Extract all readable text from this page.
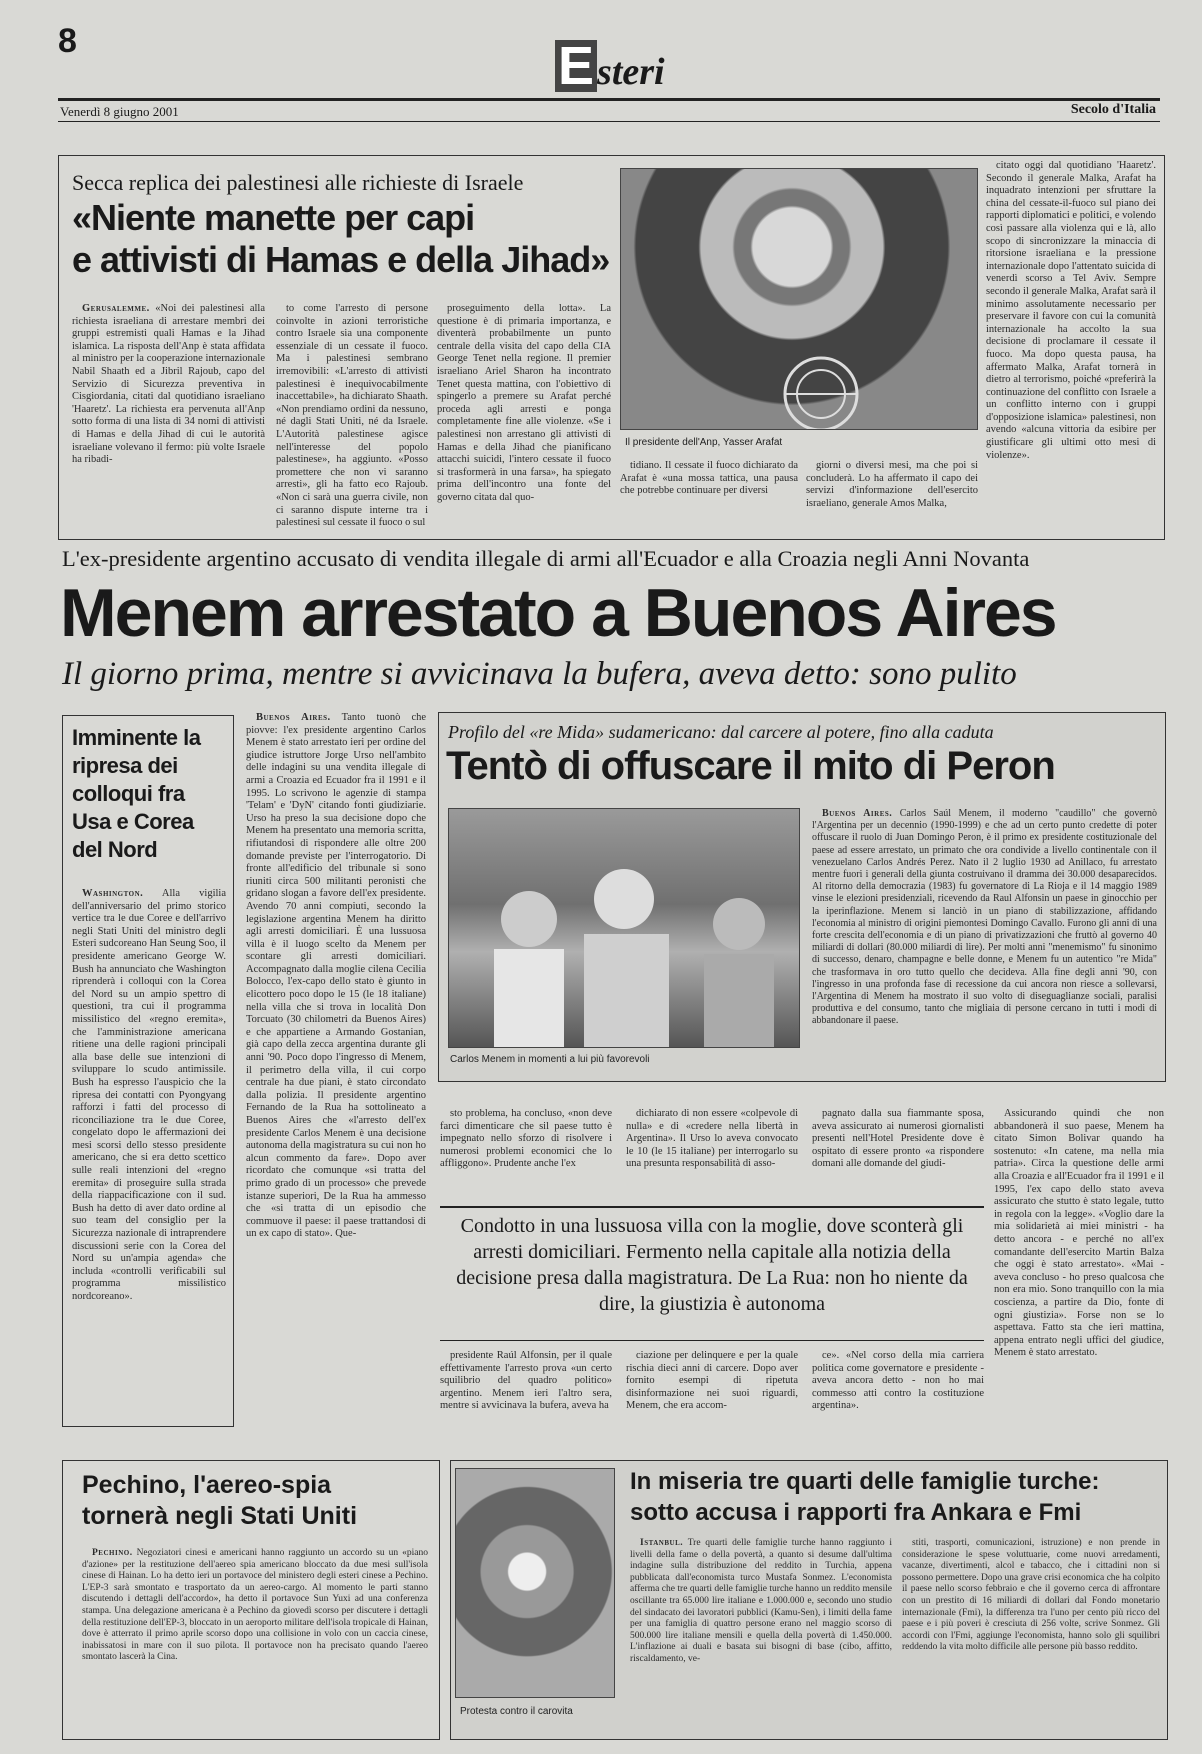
8	Esteri
Venerdì 8 giugno 2001	Secolo d'Italia
Secca replica dei palestinesi alle richieste di Israele
«Niente manette per capi
e attivisti di Hamas e della Jihad»

Gerusalemme. «Noi dei palestinesi alla richiesta israeliana di arrestare membri dei gruppi estremisti quali Hamas e la Jihad islamica. La risposta dell'Anp è stata affidata al ministro per la cooperazione internazionale Nabil Shaath ed a Jibril Rajoub, capo del Servizio di Sicurezza preventiva in Cisgiordania, citati dal quotidiano israeliano 'Haaretz'. La richiesta era pervenuta all'Anp sotto forma di una lista di 34 nomi di attivisti di Hamas e della Jihad di cui le autorità israeliane volevano il fermo: più volte Israele ha ribadi-

to come l'arresto di persone coinvolte in azioni terroristiche contro Israele sia una componente essenziale di un cessate il fuoco. Ma i palestinesi sembrano irremovibili: «L'arresto di attivisti palestinesi è inequivocabilmente inaccettabile», ha dichiarato Shaath. «Non prendiamo ordini da nessuno, né dagli Stati Uniti, né da Israele. L'Autorità palestinese agisce nell'interesse del popolo palestinese», ha aggiunto. «Posso promettere che non vi saranno arresti», gli ha fatto eco Rajoub. «Non ci sarà una guerra civile, non ci saranno dispute interne tra i palestinesi sul cessate il fuoco o sul

proseguimento della lotta». La questione è di primaria importanza, e diventerà probabilmente un punto centrale della visita del capo della CIA George Tenet nella regione. Il premier israeliano Ariel Sharon ha incontrato Tenet questa mattina, con l'obiettivo di spingerlo a premere su Arafat perché proceda agli arresti e ponga completamente fine alle violenze. «Se i palestinesi non arrestano gli attivisti di Hamas e della Jihad che pianificano attacchi suicidi, l'intero cessate il fuoco si trasformerà in una farsa», ha spiegato prima dell'incontro una fonte del governo citata dal quo-

Il presidente dell'Anp, Yasser Arafat

tidiano. Il cessate il fuoco dichiarato da Arafat è «una mossa tattica, una pausa che potrebbe continuare per diversi

giorni o diversi mesi, ma che poi si concluderà. Lo ha affermato il capo dei servizi d'informazione dell'esercito israeliano, generale Amos Malka,

citato oggi dal quotidiano 'Haaretz'. Secondo il generale Malka, Arafat ha inquadrato intenzioni per sfruttare la china del cessate-il-fuoco sul piano dei rapporti diplomatici e politici, e volendo così passare alla violenza qui e là, allo scopo di sincronizzare la minaccia di ritorsione israeliana e la pressione internazionale dopo l'attentato suicida di venerdì scorso a Tel Aviv. Sempre secondo il generale Malka, Arafat sarà il minimo assolutamente necessario per preservare il favore con cui la comunità internazionale ha accolto la sua decisione di proclamare il cessate il fuoco. Ma dopo questa pausa, ha affermato Malka, Arafat tornerà in dietro al terrorismo, poiché «preferirà la continuazione del conflitto con Israele a un conflitto interno con i gruppi d'opposizione islamica» palestinesi, non avendo «alcuna vittoria da esibire per giustificare gli ultimi otto mesi di violenze».

L'ex-presidente argentino accusato di vendita illegale di armi all'Ecuador e alla Croazia negli Anni Novanta
Menem arrestato a Buenos Aires
Il giorno prima, mentre si avvicinava la bufera, aveva detto: sono pulito
Imminente la ripresa dei colloqui fra Usa e Corea del Nord

Washington. Alla vigilia dell'anniversario del primo storico vertice tra le due Coree e dell'arrivo negli Stati Uniti del ministro degli Esteri sudcoreano Han Seung Soo, il presidente americano George W. Bush ha annunciato che Washington riprenderà i colloqui con la Corea del Nord su un ampio spettro di questioni, tra cui il programma missilistico del «regno eremita», che l'amministrazione americana ritiene una delle ragioni principali alla base delle sue intenzioni di sviluppare lo scudo antimissile. Bush ha espresso l'auspicio che la ripresa dei contatti con Pyongyang rafforzi i fatti del processo di riconciliazione tra le due Coree, congelato dopo le affermazioni dei mesi scorsi dello stesso presidente americano, che si era detto scettico sulle reali intenzioni del «regno eremita» di proseguire sulla strada della riappacificazione con il sud. Bush ha detto di aver dato ordine al suo team del consiglio per la Sicurezza nazionale di intraprendere discussioni serie con la Corea del Nord su un'ampia agenda» che includa «controlli verificabili sul programma missilistico nordcoreano».

Buenos Aires. Tanto tuonò che piovve: l'ex presidente argentino Carlos Menem è stato arrestato ieri per ordine del giudice istruttore Jorge Urso nell'ambito delle indagini su una vendita illegale di armi a Croazia ed Ecuador fra il 1991 e il 1995. Lo scrivono le agenzie di stampa 'Telam' e 'DyN' citando fonti giudiziarie. Urso ha preso la sua decisione dopo che Menem ha presentato una memoria scritta, rifiutandosi di rispondere alle oltre 200 domande previste per l'interrogatorio. Di fronte all'edificio del tribunale si sono riuniti circa 500 militanti peronisti che gridano slogan a favore dell'ex presidente. Avendo 70 anni compiuti, secondo la legislazione argentina Menem ha diritto agli arresti domiciliari. È una lussuosa villa è il luogo scelto da Menem per scontare gli arresti domiciliari. Accompagnato dalla moglie cilena Cecilia Bolocco, l'ex-capo dello stato è giunto in elicottero poco dopo le 15 (le 18 italiane) nella villa che si trova in località Don Torcuato (30 chilometri da Buenos Aires) e che appartiene a Armando Gostanian, già capo della zecca argentina durante gli anni '90. Poco dopo l'ingresso di Menem, il perimetro della villa, il cui corpo centrale ha due piani, è stato circondato dalla polizia. Il presidente argentino Fernando de la Rua ha sottolineato a Buenos Aires che «l'arresto dell'ex presidente Carlos Menem è una decisione autonoma della magistratura su cui non ho alcun commento da fare». Dopo aver ricordato che comunque «si tratta del primo grado di un processo» che prevede istanze superiori, De la Rua ha ammesso che «si tratta di un episodio che commuove il paese: il paese trattandosi di un ex capo di stato». Que-

Profilo del «re Mida» sudamericano: dal carcere al potere, fino alla caduta
Tentò di offuscare il mito di Peron
Carlos Menem in momenti a lui più favorevoli

Buenos Aires. Carlos Saúl Menem, il moderno "caudillo" che governò l'Argentina per un decennio (1990-1999) e che ad un certo punto credette di poter offuscare il ruolo di Juan Domingo Peron, è il primo ex presidente costituzionale del paese ad essere arrestato, un primato che ora condivide a livello continentale con il venezuelano Carlos Andrés Perez. Nato il 2 luglio 1930 ad Anillaco, fu arrestato mentre fuori i generali della giunta costruivano il dramma dei 30.000 desaparecidos. Al ritorno della democrazia (1983) fu governatore di La Rioja e il 14 maggio 1989 vinse le elezioni presidenziali, ricevendo da Raul Alfonsin un paese in ginocchio per la iperinflazione. Menem si lanciò in un piano di stabilizzazione, affidando l'economia al ministro di origini piemontesi Domingo Cavallo. Furono gli anni di una forte crescita dell'economia e di un piano di privatizzazioni che fruttò al governo 40 miliardi di dollari (80.000 miliardi di lire). Per molti anni "menemismo" fu sinonimo di successo, denaro, champagne e belle donne, e Menem fu un autentico "re Mida" che trasformava in oro tutto quello che decideva. Alla fine degli anni '90, con l'ingresso in una profonda fase di recessione da cui ancora non riesce a sollevarsi, l'Argentina di Menem ha mostrato il suo volto di diseguaglianze sociali, paralisi produttiva e del consumo, tanto che migliaia di persone cercano in tutti i modi di abbandonare il paese.

sto problema, ha concluso, «non deve farci dimenticare che sil paese tutto è impegnato nello sforzo di risolvere i numerosi problemi economici che lo affliggono». Prudente anche l'ex

dichiarato di non essere «colpevole di nulla» e di «credere nella libertà in Argentina». Il Urso lo aveva convocato le 10 (le 15 italiane) per interrogarlo su una presunta responsabilità di asso-

pagnato dalla sua fiammante sposa, aveva assicurato ai numerosi giornalisti presenti nell'Hotel Presidente dove è ospitato di essere pronto «a rispondere domani alle domande del giudi-

Assicurando quindi che non abbandonerà il suo paese, Menem ha citato Simon Bolivar quando ha sostenuto: «In catene, ma nella mia patria». Circa la questione delle armi alla Croazia e all'Ecuador fra il 1991 e il 1995, l'ex capo dello stato aveva assicurato che stutto è stato legale, tutto in regola con la legge». «Voglio dare la mia solidarietà ai miei ministri - ha detto ancora - e perché no all'ex comandante dell'esercito Martin Balza che oggi è stato arrestato». «Mai - aveva concluso - ho preso qualcosa che non era mio. Sono tranquillo con la mia coscienza, a partire da Dio, fonte di ogni giustizia». Forse non se lo aspettava. Fatto sta che ieri mattina, appena entrato negli uffici del giudice, Menem è stato arrestato.

Condotto in una lussuosa villa con la moglie, dove sconterà gli arresti domiciliari. Fermento nella capitale alla notizia della decisione presa dalla magistratura. De La Rua: non ho niente da dire, la giustizia è autonoma

presidente Raúl Alfonsin, per il quale effettivamente l'arresto prova «un certo squilibrio del quadro politico» argentino. Menem ieri l'altro sera, mentre si avvicinava la bufera, aveva ha

ciazione per delinquere e per la quale rischia dieci anni di carcere. Dopo aver fornito esempi di ripetuta disinformazione nei suoi riguardi, Menem, che era accom-

ce». «Nel corso della mia carriera politica come governatore e presidente - aveva ancora detto - non ho mai commesso atti contro la costituzione argentina».

Pechino, l'aereo-spia
tornerà negli Stati Uniti

Pechino. Negoziatori cinesi e americani hanno raggiunto un accordo su un «piano d'azione» per la restituzione dell'aereo spia americano bloccato da due mesi sull'isola cinese di Hainan. Lo ha detto ieri un portavoce del ministero degli esteri cinese a Pechino. L'EP-3 sarà smontato e trasportato da un aereo-cargo. Al momento le parti stanno discutendo i dettagli dell'accordo», ha detto il portavoce Sun Yuxi ad una conferenza stampa. Una delegazione americana è a Pechino da giovedì scorso per discutere i dettagli della restituzione dell'EP-3, bloccato in un aeroporto militare dell'isola tropicale di Hainan, dove è atterrato il primo aprile scorso dopo una collisione in volo con un caccia cinese, inabissatosi in mare con il suo pilota. Il portavoce non ha precisato quando l'aereo smontato lascerà la Cina.

Protesta contro il carovita
In miseria tre quarti delle famiglie turche:
sotto accusa i rapporti fra Ankara e Fmi

Istanbul. Tre quarti delle famiglie turche hanno raggiunto i livelli della fame o della povertà, a quanto si desume dall'ultima indagine sulla distribuzione del reddito in Turchia, appena pubblicata dall'economista turco Mustafa Sonmez. L'economista afferma che tre quarti delle famiglie turche hanno un reddito mensile oscillante tra 65.000 lire italiane e 1.000.000 e, secondo uno studio del sindacato dei lavoratori pubblici (Kamu-Sen), i limiti della fame per una famiglia di quattro persone erano nel maggio scorso di 500.000 lire italiane mensili e quella della povertà di 1.450.000. L'inflazione ai duali e basata sui bisogni di base (cibo, affitto, riscaldamento, ve-

stiti, trasporti, comunicazioni, istruzione) e non prende in considerazione le spese voluttuarie, come nuovi arredamenti, vacanze, divertimenti, alcol e tabacco, che i cittadini non si possono permettere. Dopo una grave crisi economica che ha colpito il paese nello scorso febbraio e che il governo cerca di affrontare con un prestito di 16 miliardi di dollari dal Fondo monetario internazionale (Fmi), la differenza tra l'uno per cento più ricco del paese e i più poveri è cresciuta di 256 volte, scrive Sonmez. Gli accordi con l'Fmi, aggiunge l'economista, hanno solo gli squilibri reddendo la vita molto difficile alle persone più basso reddito.
